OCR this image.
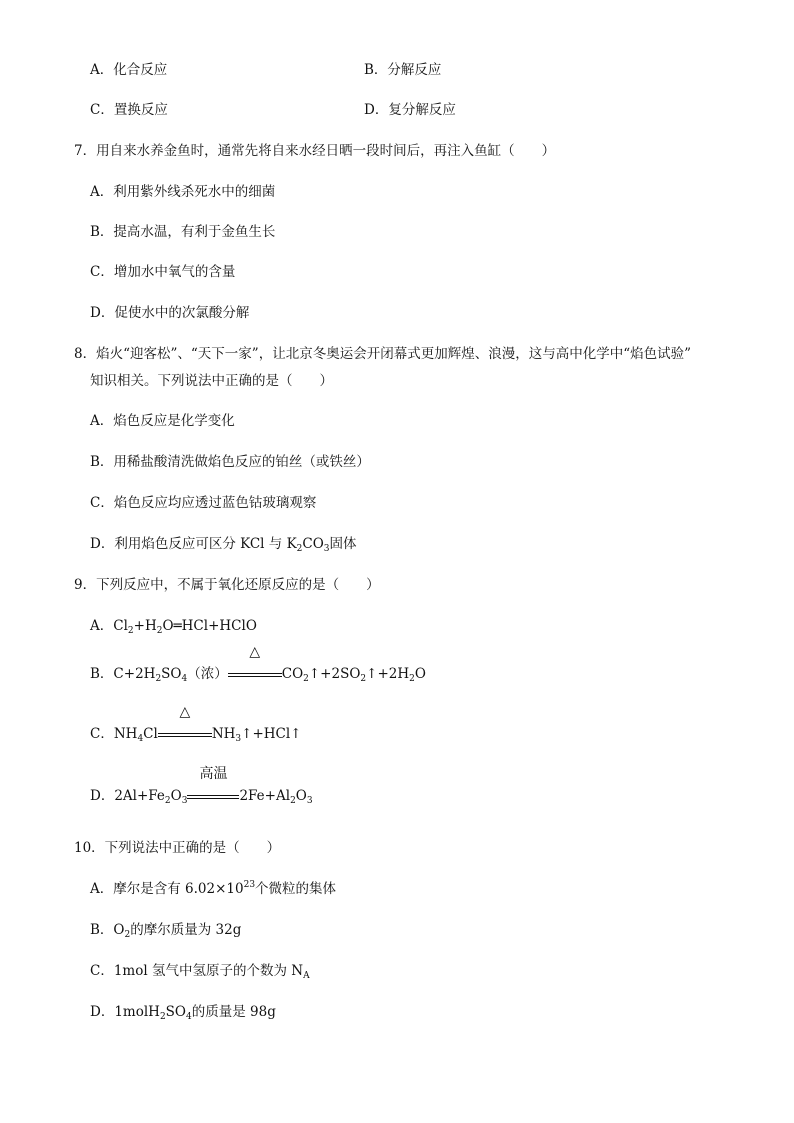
A．化合反应	B．分解反应
C．置换反应	D．复分解反应
7．用自来水养金鱼时，通常先将自来水经日晒一段时间后，再注入鱼缸（　　）
A．利用紫外线杀死水中的细菌
B．提高水温，有利于金鱼生长
C．增加水中氧气的含量
D．促使水中的次氯酸分解
8．焰火“迎客松”、“天下一家”，让北京冬奥运会开闭幕式更加辉煌、浪漫，这与高中化学中“焰色试验”
知识相关。下列说法中正确的是（　　）
A．焰色反应是化学变化
B．用稀盐酸清洗做焰色反应的铂丝（或铁丝）
C．焰色反应均应透过蓝色钴玻璃观察
D．利用焰色反应可区分 KCl 与 $K_2CO_3$固体
9．下列反应中，不属于氧化还原反应的是（　　）
A．$Cl_2+H_2O═HCl+HClO$
B．$C+2H_2SO_4$（浓）
△
$CO_2↑+2SO_2↑+2H_2O$
C．$NH_4Cl$
△
$NH_3↑+HCl↑$
D．$2Al+Fe_2O_3$
高温
$2Fe+Al_2O_3$
10．下列说法中正确的是（　　）
A．摩尔是含有 $6.02\times 10^{23}$个微粒的集体
B．$O_2$的摩尔质量为 32g
C．1mol 氢气中氢原子的个数为 $N_A$
D．$1molH_2SO_4$的质量是 98g
